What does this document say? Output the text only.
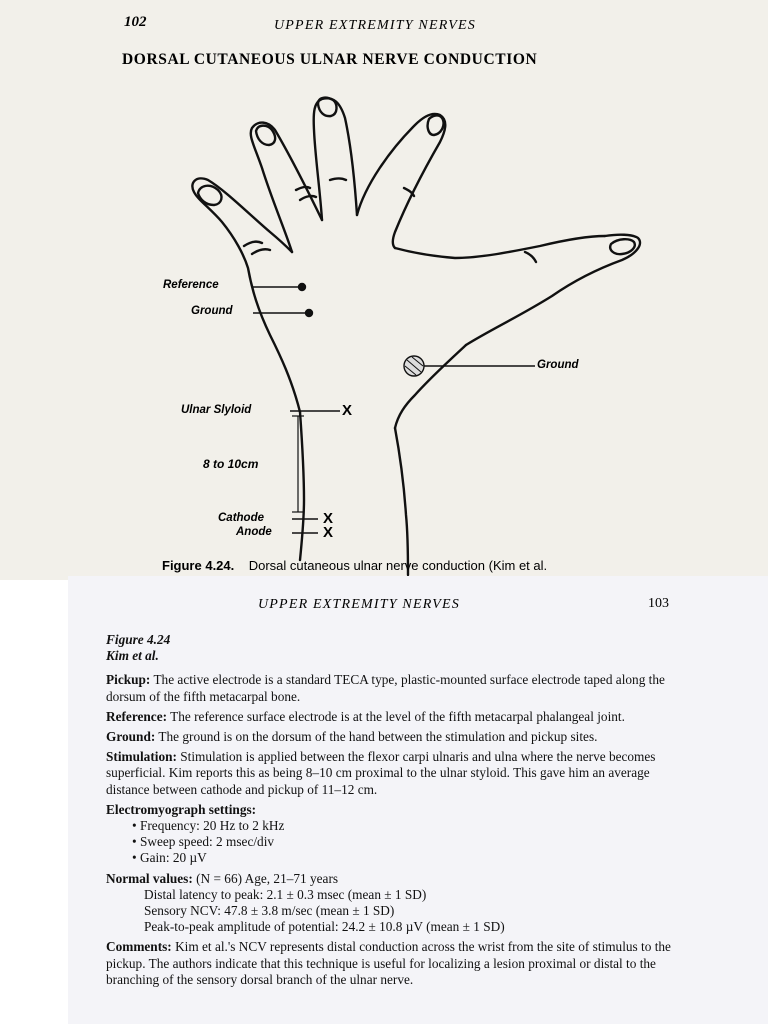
102	UPPER EXTREMITY NERVES
DORSAL CUTANEOUS ULNAR NERVE CONDUCTION
Reference
Ground
Ground
Ulnar Slyloid	X
8 to 10cm
Cathode	X
Anode	X
Figure 4.24. Dorsal cutaneous ulnar nerve conduction (Kim et al.
UPPER EXTREMITY NERVES	103

Figure 4.24
Kim et al.

Pickup: The active electrode is a standard TECA type, plastic-mounted surface electrode taped along the dorsum of the fifth metacarpal bone.

Reference: The reference surface electrode is at the level of the fifth metacarpal phalangeal joint.

Ground: The ground is on the dorsum of the hand between the stimulation and pickup sites.

Stimulation: Stimulation is applied between the flexor carpi ulnaris and ulna where the nerve becomes superficial. Kim reports this as being 8–10 cm proximal to the ulnar styloid. This gave him an average distance between cathode and pickup of 11–12 cm.

Electromyograph settings:

• Frequency: 20 Hz to 2 kHz
• Sweep speed: 2 msec/div
• Gain: 20 µV

Normal values: (N = 66) Age, 21–71 years

Distal latency to peak: 2.1 ± 0.3 msec (mean ± 1 SD)
Sensory NCV: 47.8 ± 3.8 m/sec (mean ± 1 SD)
Peak-to-peak amplitude of potential: 24.2 ± 10.8 µV (mean ± 1 SD)

Comments: Kim et al.'s NCV represents distal conduction across the wrist from the site of stimulus to the pickup. The authors indicate that this technique is useful for localizing a lesion proximal or distal to the branching of the sensory dorsal branch of the ulnar nerve.
